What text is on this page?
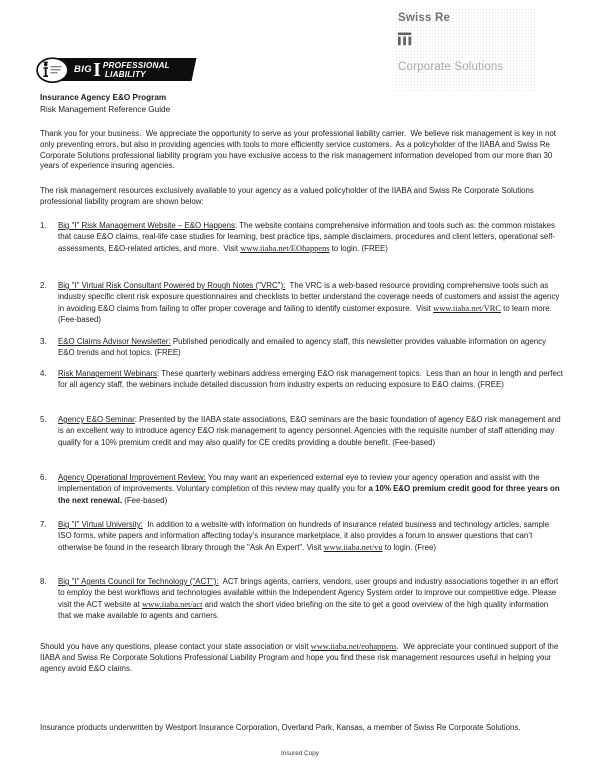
Swiss Re
Corporate Solutions
BIG I PROFESSIONAL
LIABILITY
Insurance Agency E&O Program
Risk Management Reference Guide
Thank you for your business.  We appreciate the opportunity to serve as your professional liability carrier.  We believe risk management is key in not only preventing errors, but also in providing agencies with tools to more efficiently service customers.  As a policyholder of the IIABA and Swiss Re Corporate Solutions professional liability program you have exclusive access to the risk management information developed from our more than 30 years of experience insuring agencies.
The risk management resources exclusively available to your agency as a valued policyholder of the IIABA and Swiss Re Corporate Solutions professional liability program are shown below:
1.	Big "I" Risk Management Website – E&O Happens: The website contains comprehensive information and tools such as: the common mistakes that cause E&O claims, real-life case studies for learning, best practice tips, sample disclaimers, procedures and client letters, operational self-assessments, E&O-related articles, and more.  Visit www.iiaba.net/EOhappens to login. (FREE)
2.	Big "I" Virtual Risk Consultant Powered by Rough Notes ("VRC"):  The VRC is a web-based resource providing comprehensive tools such as industry specific client risk exposure questionnaires and checklists to better understand the coverage needs of customers and assist the agency in avoiding E&O claims from failing to offer proper coverage and failing to identify customer exposure.  Visit www.iiaba.net/VRC to learn more. (Fee-based)
3.	E&O Claims Advisor Newsletter: Published periodically and emailed to agency staff, this newsletter provides valuable information on agency E&O trends and hot topics. (FREE)
4.	Risk Management Webinars: These quarterly webinars address emerging E&O risk management topics.  Less than an hour in length and perfect for all agency staff, the webinars include detailed discussion from industry experts on reducing exposure to E&O claims. (FREE)
5.	Agency E&O Seminar: Presented by the IIABA state associations, E&O seminars are the basic foundation of agency E&O risk management and is an excellent way to introduce agency E&O risk management to agency personnel. Agencies with the requisite number of staff attending may qualify for a 10% premium credit and may also qualify for CE credits providing a double benefit. (Fee-based)
6.	Agency Operational Improvement Review: You may want an experienced external eye to review your agency operation and assist with the implementation of improvements. Voluntary completion of this review may qualify you for a 10% E&O premium credit good for three years on the next renewal. (Fee-based)
7.	Big "I" Virtual University:  In addition to a website with information on hundreds of insurance related business and technology articles, sample ISO forms, white papers and information affecting today’s insurance marketplace, it also provides a forum to answer questions that can’t otherwise be found in the research library through the "Ask An Expert". Visit www.iiaba.net/vu to login. (Free)
8.	Big "I" Agents Council for Technology ("ACT"):  ACT brings agents, carriers, vendors, user groups and industry associations together in an effort to employ the best workflows and technologies available within the Independent Agency System order to improve our competitive edge. Please visit the ACT website at www.iiaba.net/act and watch the short video briefing on the site to get a good overview of the high quality information that we make available to agents and carriers.
Should you have any questions, please contact your state association or visit www.iiaba.net/eohappens.  We appreciate your continued support of the IIABA and Swiss Re Corporate Solutions Professional Liability Program and hope you find these risk management resources useful in helping your agency avoid E&O claims.
Insurance products underwritten by Westport Insurance Corporation, Overland Park, Kansas, a member of Swiss Re Corporate Solutions.
Insured Copy
